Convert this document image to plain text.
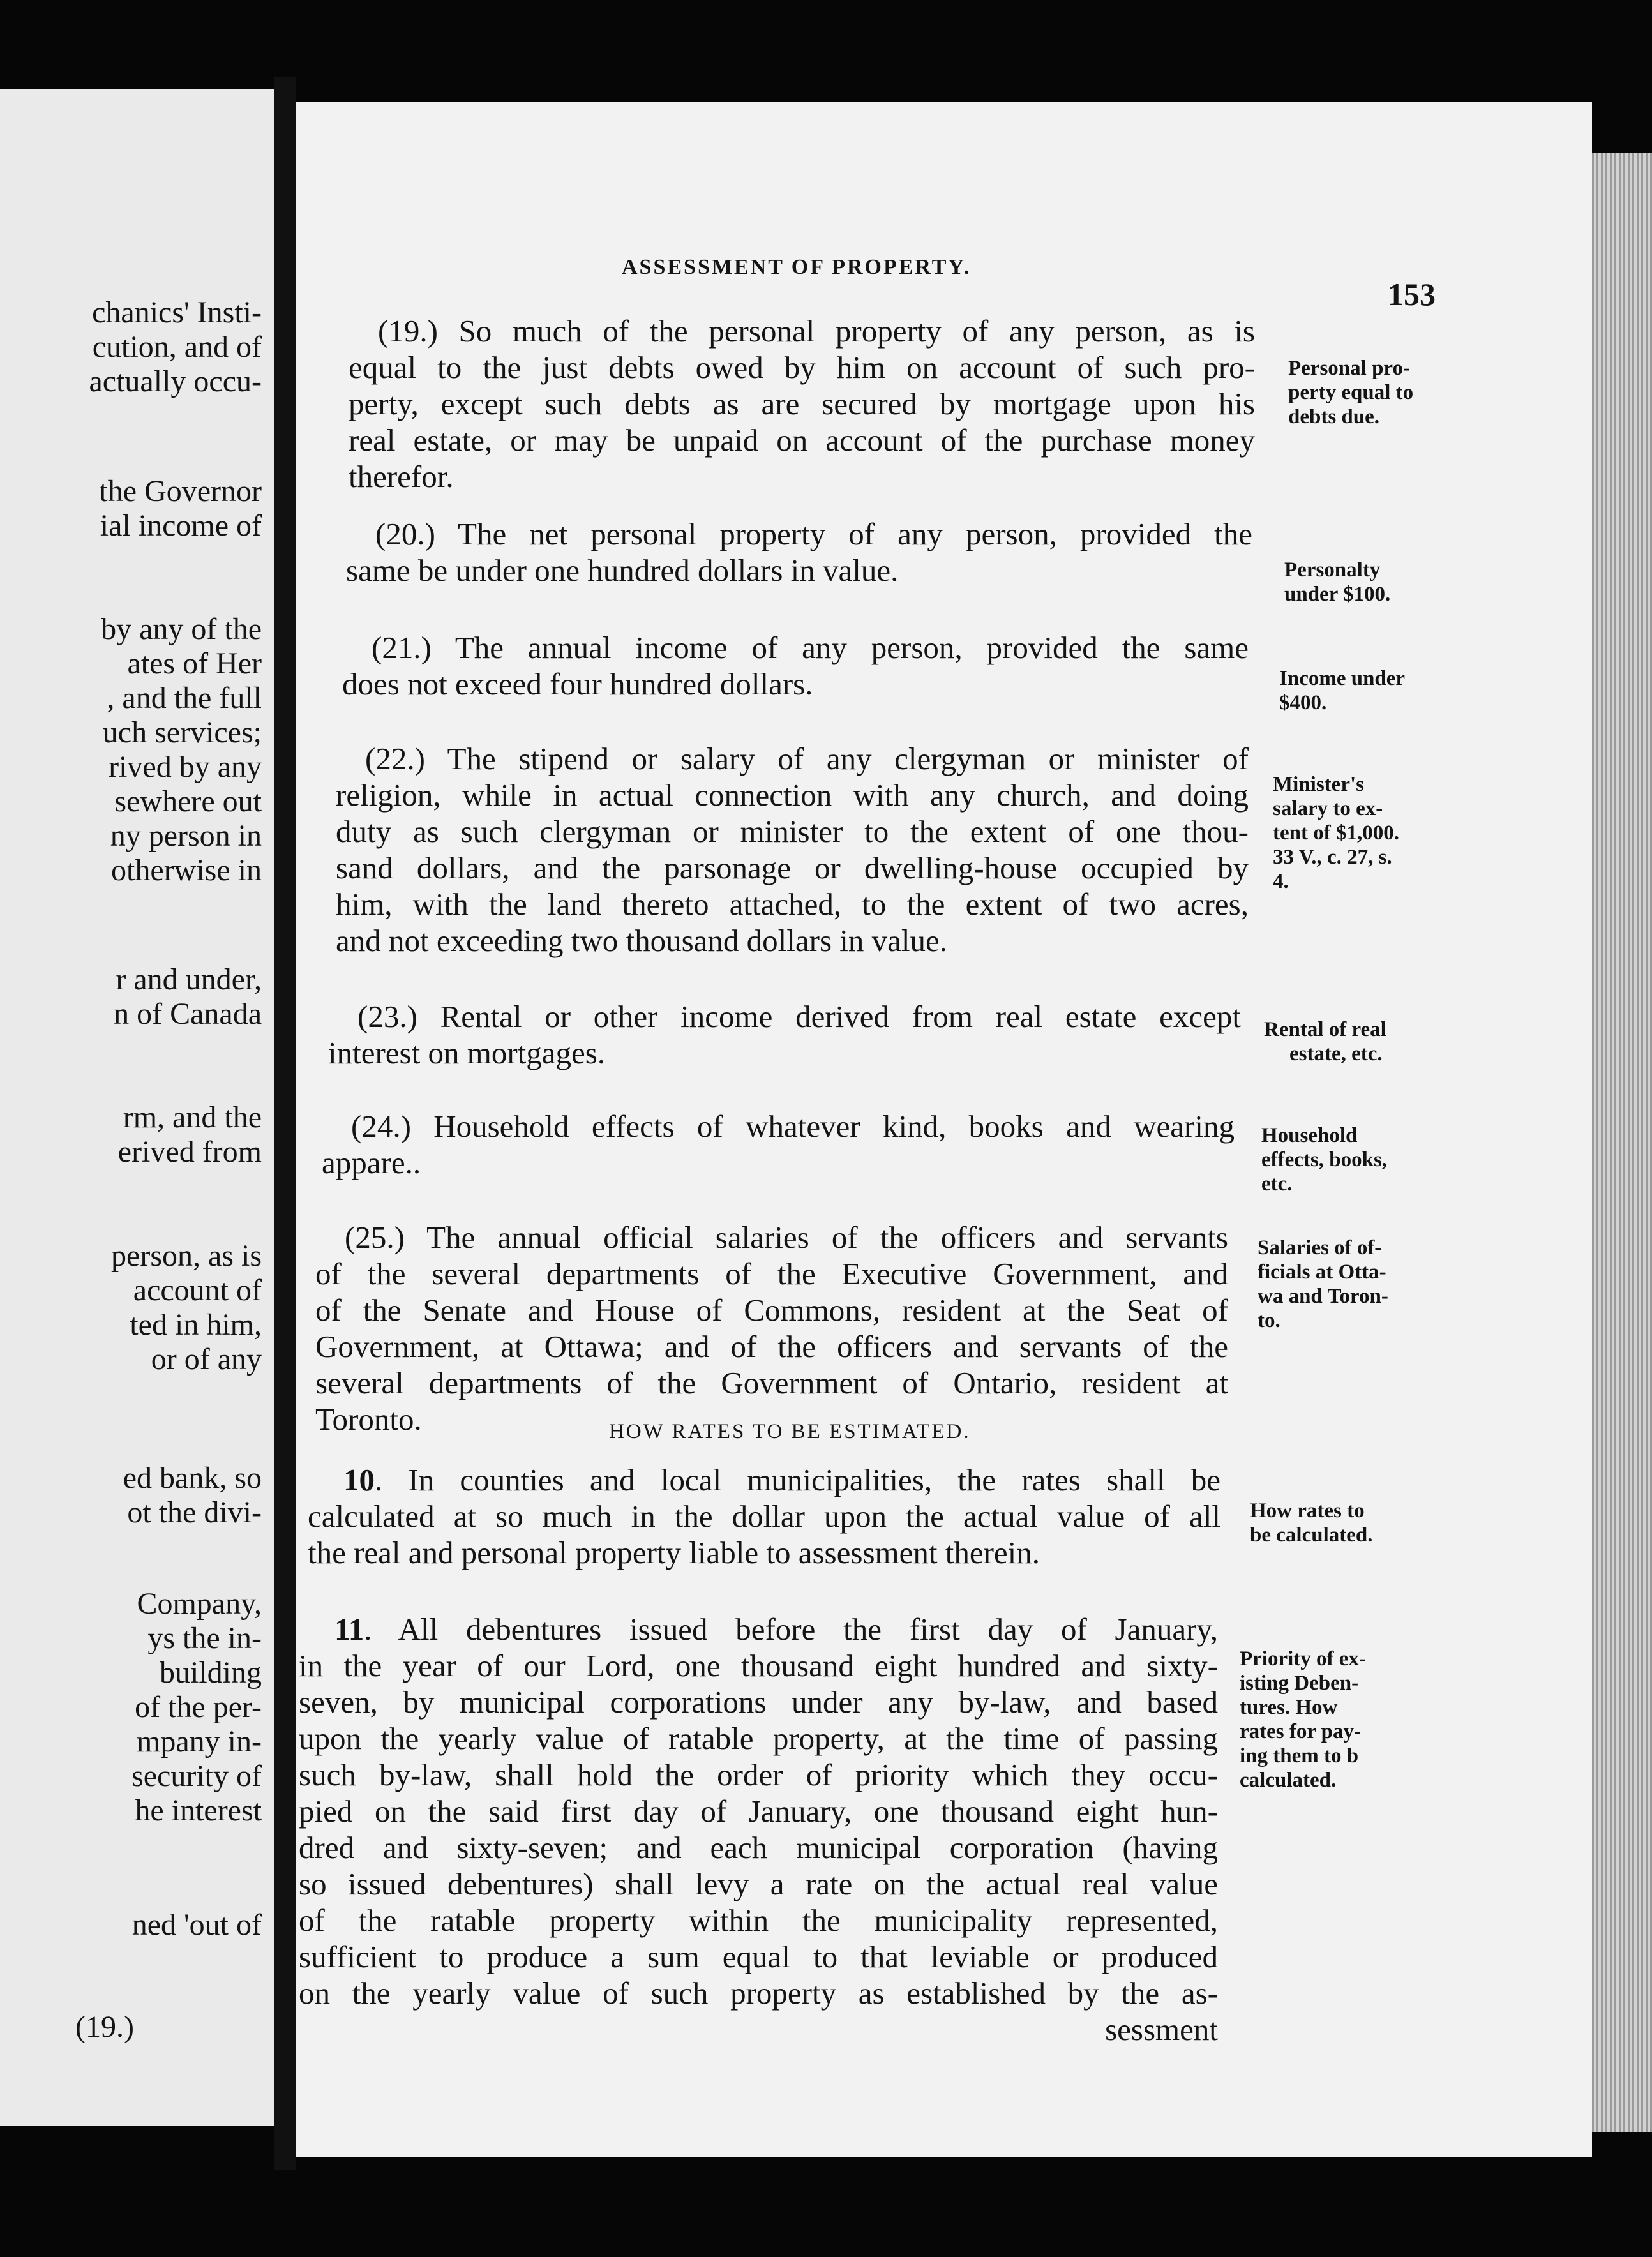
chanics' Insti-
cution, and of
actually occu-
the Governor
ial income of
by any of the
ates of Her
, and the full
uch services;
rived by any
sewhere out
ny person in
otherwise in
r and under,
n of Canada
rm, and the
erived from
person, as is
account of
ted in him,
or of any
ed bank, so
ot the divi-
Company,
ys the in-
building
of the per-
mpany in-
security of
he interest
ned 'out of
(19.)
ASSESSMENT OF PROPERTY.
153
(19.) So much of the personal property of any person, as is
equal to the just debts owed by him on account of such pro-
perty, except such debts as are secured by mortgage upon his
real estate, or may be unpaid on account of the purchase money
therefor.
Personal pro-
perty equal to
debts due.
(20.) The net personal property of any person, provided the
same be under one hundred dollars in value.	Personalty
under $100.
(21.) The annual income of any person, provided the same
does not exceed four hundred dollars.	Income under
$400.
(22.) The stipend or salary of any clergyman or minister of
religion, while in actual connection with any church, and doing
duty as such clergyman or minister to the extent of one thou-
sand dollars, and the parsonage or dwelling-house occupied by
him, with the land thereto attached, to the extent of two acres,
and not exceeding two thousand dollars in value.
Minister's
salary to ex-
tent of $1,000.
33 V., c. 27, s.
4.
(23.) Rental or other income derived from real estate except
interest on mortgages.
Rental of real
estate, etc.
(24.) Household effects of whatever kind, books and wearing
appare..
Household
effects, books,
etc.
(25.) The annual official salaries of the officers and servants
of the several departments of the Executive Government, and
of the Senate and House of Commons, resident at the Seat of
Government, at Ottawa; and of the officers and servants of the
several departments of the Government of Ontario, resident at
Toronto.
Salaries of of-
ficials at Otta-
wa and Toron-
to.
HOW RATES TO BE ESTIMATED.
10. In counties and local municipalities, the rates shall be
calculated at so much in the dollar upon the actual value of all
the real and personal property liable to assessment therein.
How rates to
be calculated.
11. All debentures issued before the first day of January,
in the year of our Lord, one thousand eight hundred and sixty-
seven, by municipal corporations under any by-law, and based
upon the yearly value of ratable property, at the time of passing
such by-law, shall hold the order of priority which they occu-
pied on the said first day of January, one thousand eight hun-
dred and sixty-seven; and each municipal corporation (having
so issued debentures) shall levy a rate on the actual real value
of the ratable property within the municipality represented,
sufficient to produce a sum equal to that leviable or produced
on the yearly value of such property as established by the as-
sessment
Priority of ex-
isting Deben-
tures. How
rates for pay-
ing them to b
calculated.
